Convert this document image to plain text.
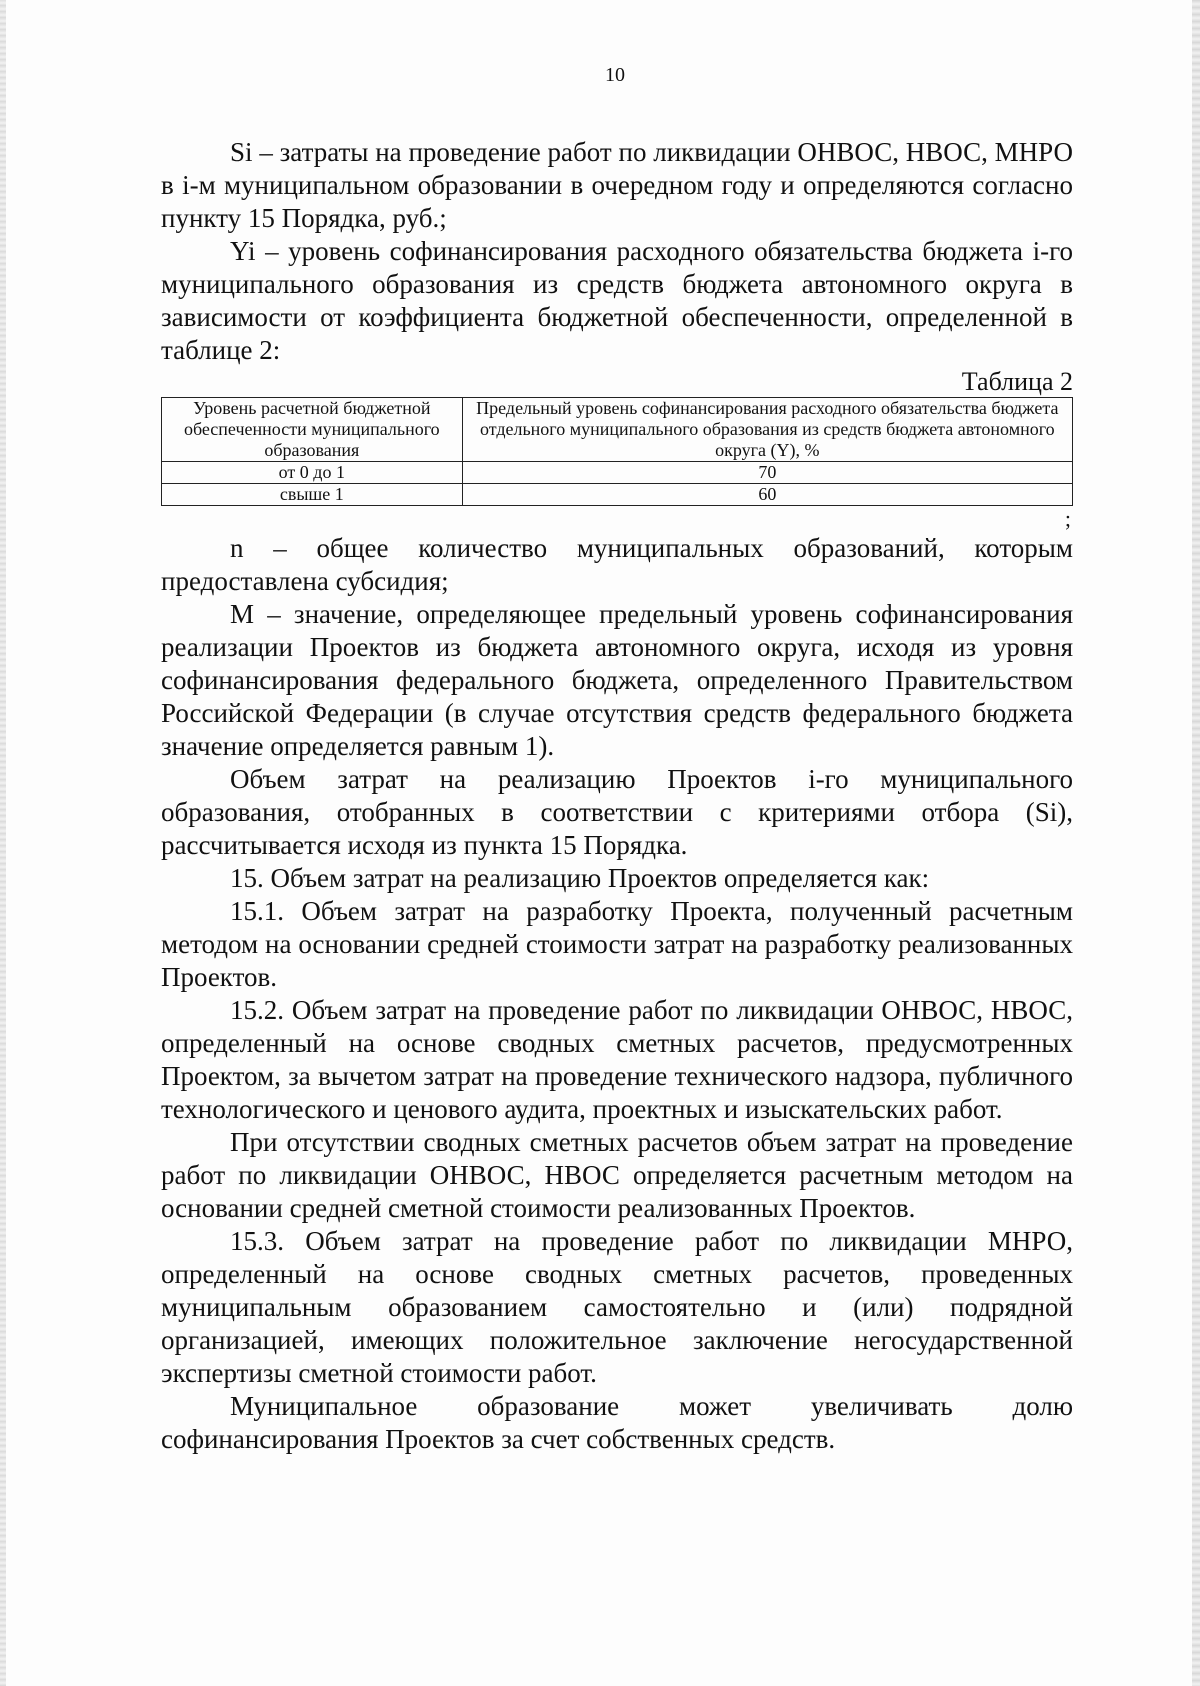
10

Si – затраты на проведение работ по ликвидации ОНВОС, НВОС, МНРО в i-м муниципальном образовании в очередном году и определяются согласно пункту 15 Порядка, руб.;

Yi – уровень софинансирования расходного обязательства бюджета i-го муниципального образования из средств бюджета автономного округа в зависимости от коэффициента бюджетной обеспеченности, определенной в таблице 2:

Таблица 2
Уровень расчетной бюджетной обеспеченности муниципального образования	Предельный уровень софинансирования расходного обязательства бюджета отдельного муниципального образования из средств бюджета автономного округа (Y), %
от 0 до 1	70
свыше 1	60
;

n – общее количество муниципальных образований, которым предоставлена субсидия;

М – значение, определяющее предельный уровень софинансирования реализации Проектов из бюджета автономного округа, исходя из уровня софинансирования федерального бюджета, определенного Правительством Российской Федерации (в случае отсутствия средств федерального бюджета значение определяется равным 1).

Объем затрат на реализацию Проектов i-го муниципального образования, отобранных в соответствии с критериями отбора (Si), рассчитывается исходя из пункта 15 Порядка.

15. Объем затрат на реализацию Проектов определяется как:

15.1. Объем затрат на разработку Проекта, полученный расчетным методом на основании средней стоимости затрат на разработку реализованных Проектов.

15.2. Объем затрат на проведение работ по ликвидации ОНВОС, НВОС, определенный на основе сводных сметных расчетов, предусмотренных Проектом, за вычетом затрат на проведение технического надзора, публичного технологического и ценового аудита, проектных и изыскательских работ.

При отсутствии сводных сметных расчетов объем затрат на проведение работ по ликвидации ОНВОС, НВОС определяется расчетным методом на основании средней сметной стоимости реализованных Проектов.

15.3. Объем затрат на проведение работ по ликвидации МНРО, определенный на основе сводных сметных расчетов, проведенных муниципальным образованием самостоятельно и (или) подрядной организацией, имеющих положительное заключение негосударственной экспертизы сметной стоимости работ.

Муниципальное образование может увеличивать долю софинансирования Проектов за счет собственных средств.
